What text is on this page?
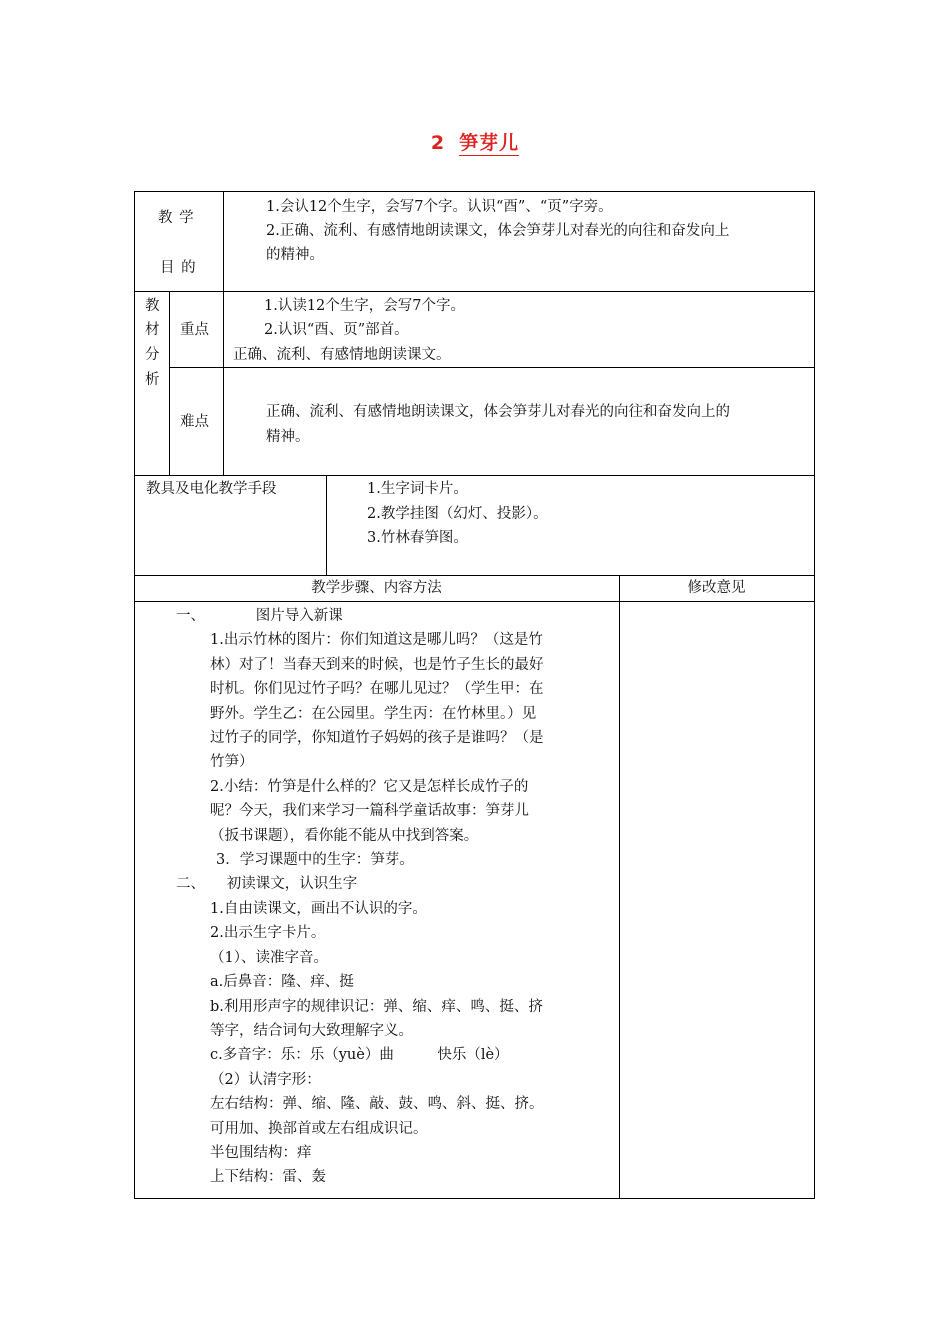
2 笋芽儿
教 学
目 的
1.会认12个生字，会写7个字。认识“酉”、“页”字旁。
2.正确、流利、有感情地朗读课文，体会笋芽儿对春光的向往和奋发向上
的精神。
教
材
分
析
重点
1.认读12个生字，会写7个字。
2.认识“酉、页”部首。
正确、流利、有感情地朗读课文。
难点
正确、流利、有感情地朗读课文，体会笋芽儿对春光的向往和奋发向上的
精神。
教具及电化教学手段	1.生字词卡片。
2.教学挂图（幻灯、投影）。
3.竹林春笋图。
教学步骤、内容方法	修改意见
一、　　　　图片导入新课
1.出示竹林的图片：你们知道这是哪儿吗？（这是竹
林）对了！当春天到来的时候，也是竹子生长的最好
时机。你们见过竹子吗？在哪儿见过？（学生甲：在
野外。学生乙：在公园里。学生丙：在竹林里。）见
过竹子的同学，你知道竹子妈妈的孩子是谁吗？（是
竹笋）
2.小结：竹笋是什么样的？它又是怎样长成竹子的
呢？今天，我们来学习一篇科学童话故事：笋芽儿
（扳书课题），看你能不能从中找到答案。
3．学习课题中的生字：笋芽。
二、　　初读课文，认识生字
1.自由读课文，画出不认识的字。
2.出示生字卡片。
（1）、读准字音。
a.后鼻音：隆、痒、挺
b.利用形声字的规律识记：弹、缩、痒、鸣、挺、挤
等字，结合词句大致理解字义。
c.多音字：乐：乐（yuè）曲　　　快乐（lè）
（2）认清字形：
左右结构：弹、缩、隆、敲、鼓、鸣、斜、挺、挤。
可用加、换部首或左右组成识记。
半包围结构：痒
上下结构：雷、轰
